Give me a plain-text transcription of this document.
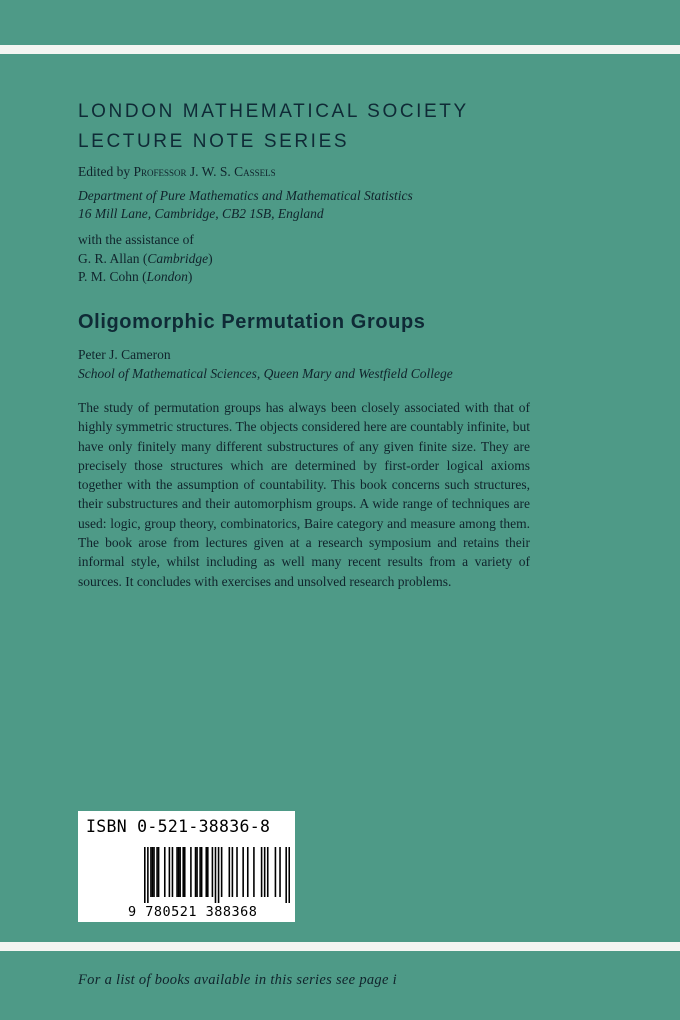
LONDON MATHEMATICAL SOCIETY
LECTURE NOTE SERIES
Edited by Professor J. W. S. Cassels
Department of Pure Mathematics and Mathematical Statistics
16 Mill Lane, Cambridge, CB2 1SB, England
with the assistance of
G. R. Allan (Cambridge)
P. M. Cohn (London)
Oligomorphic Permutation Groups
Peter J. Cameron
School of Mathematical Sciences, Queen Mary and Westfield College

The study of permutation groups has always been closely associated with that of highly symmetric structures. The objects considered here are countably infinite, but have only finitely many different substructures of any given finite size. They are precisely those structures which are determined by first-order logical axioms together with the assumption of countability. This book concerns such structures, their substructures and their automorphism groups. A wide range of techniques are used: logic, group theory, combinatorics, Baire category and measure among them. The book arose from lectures given at a research symposium and retains their informal style, whilst including as well many recent results from a variety of sources. It concludes with exercises and unsolved research problems.

ISBN 0-521-38836-8
9 780521 388368
For a list of books available in this series see page i
